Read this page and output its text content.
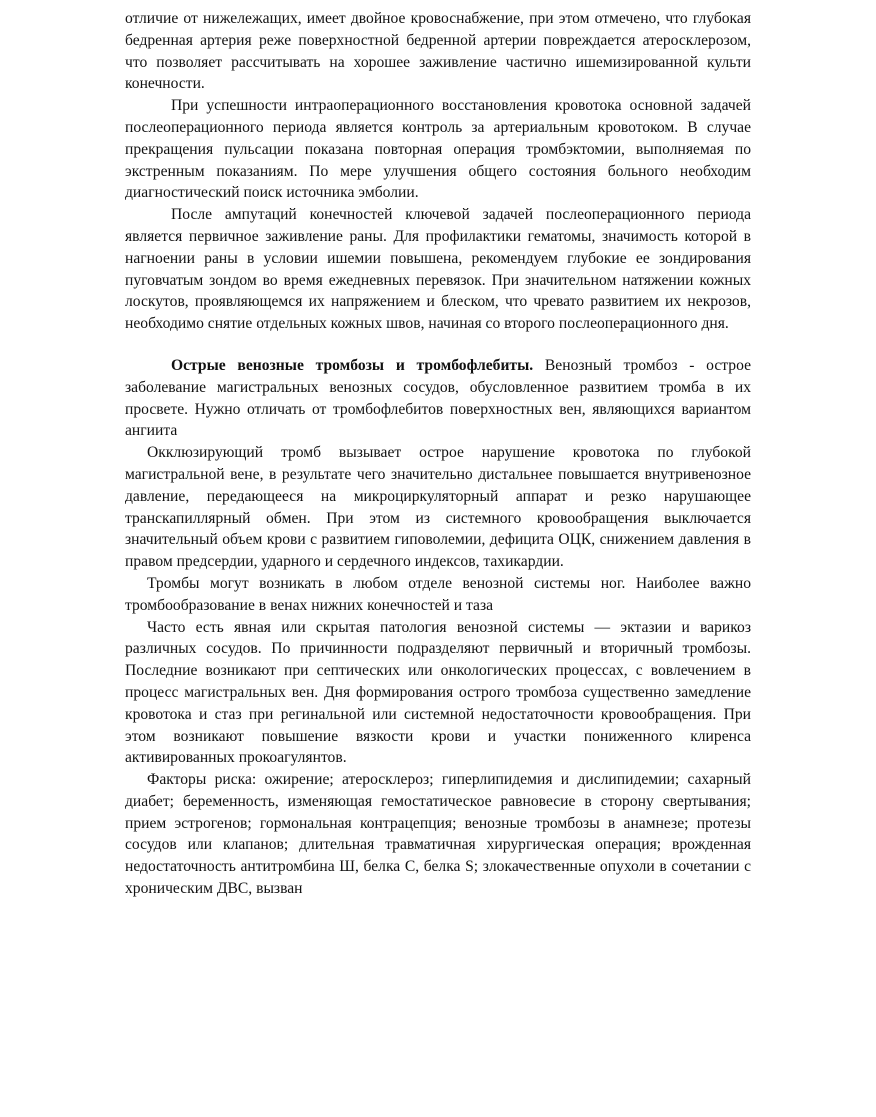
отличие от нижележащих, имеет двойное кровоснабжение, при этом отмечено, что глубокая бедренная артерия реже поверхностной бедренной артерии повреждается атеросклерозом, что позволяет рассчитывать на хорошее заживление частично ишемизированной культи конечности.

При успешности интраоперационного восстановления кровотока основной задачей послеоперационного периода является контроль за артериальным кровотоком. В случае прекращения пульсации показана повторная операция тромбэктомии, выполняемая по экстренным показаниям. По мере улучшения общего состояния больного необходим диагностический поиск источника эмболии.

После ампутаций конечностей ключевой задачей послеоперационного периода является первичное заживление раны. Для профилактики гематомы, значимость которой в нагноении раны в условии ишемии повышена, рекомендуем глубокие ее зондирования пуговчатым зондом во время ежедневных перевязок. При значительном натяжении кожных лоскутов, проявляющемся их напряжением и блеском, что чревато развитием их некрозов, необходимо снятие отдельных кожных швов, начиная со второго послеоперационного дня.

Острые венозные тромбозы и тромбофлебиты. Венозный тромбоз - острое заболевание магистральных венозных сосудов, обусловленное развитием тромба в их просвете. Нужно отличать от тромбофлебитов поверхностных вен, являющихся вариантом ангиита

Окклюзирующий тромб вызывает острое нарушение кровотока по глубокой магистральной вене, в результате чего значительно дистальнее повышается внутривенозное давление, передающееся на микроциркуляторный аппарат и резко нарушающее транскапиллярный обмен. При этом из системного кровообращения выключается значительный объем крови с развитием гиповолемии, дефицита ОЦК, снижением давления в правом предсердии, ударного и сердечного индексов, тахикардии.

Тромбы могут возникать в любом отделе венозной системы ног. Наиболее важно тромбообразование в венах нижних конечностей и таза

Часто есть явная или скрытая патология венозной системы — эктазии и варикоз различных сосудов. По причинности подразделяют первичный и вторичный тромбозы. Последние возникают при септических или онкологических процессах, с вовлечением в процесс магистральных вен. Дня формирования острого тромбоза существенно замедление кровотока и стаз при регинальной или системной недостаточности кровообращения. При этом возникают повышение вязкости крови и участки пониженного клиренса активированных прокоагулянтов.

Факторы риска: ожирение; атеросклероз; гиперлипидемия и дислипидемии; сахарный диабет; беременность, изменяющая гемостатическое равновесие в сторону свертывания; прием эстрогенов; гормональная контрацепция; венозные тромбозы в анамнезе; протезы сосудов или клапанов; длительная травматичная хирургическая операция; врожденная недостаточность антитромбина Ш, белка С, белка S; злокачественные опухоли в сочетании с хроническим ДВС, вызван
